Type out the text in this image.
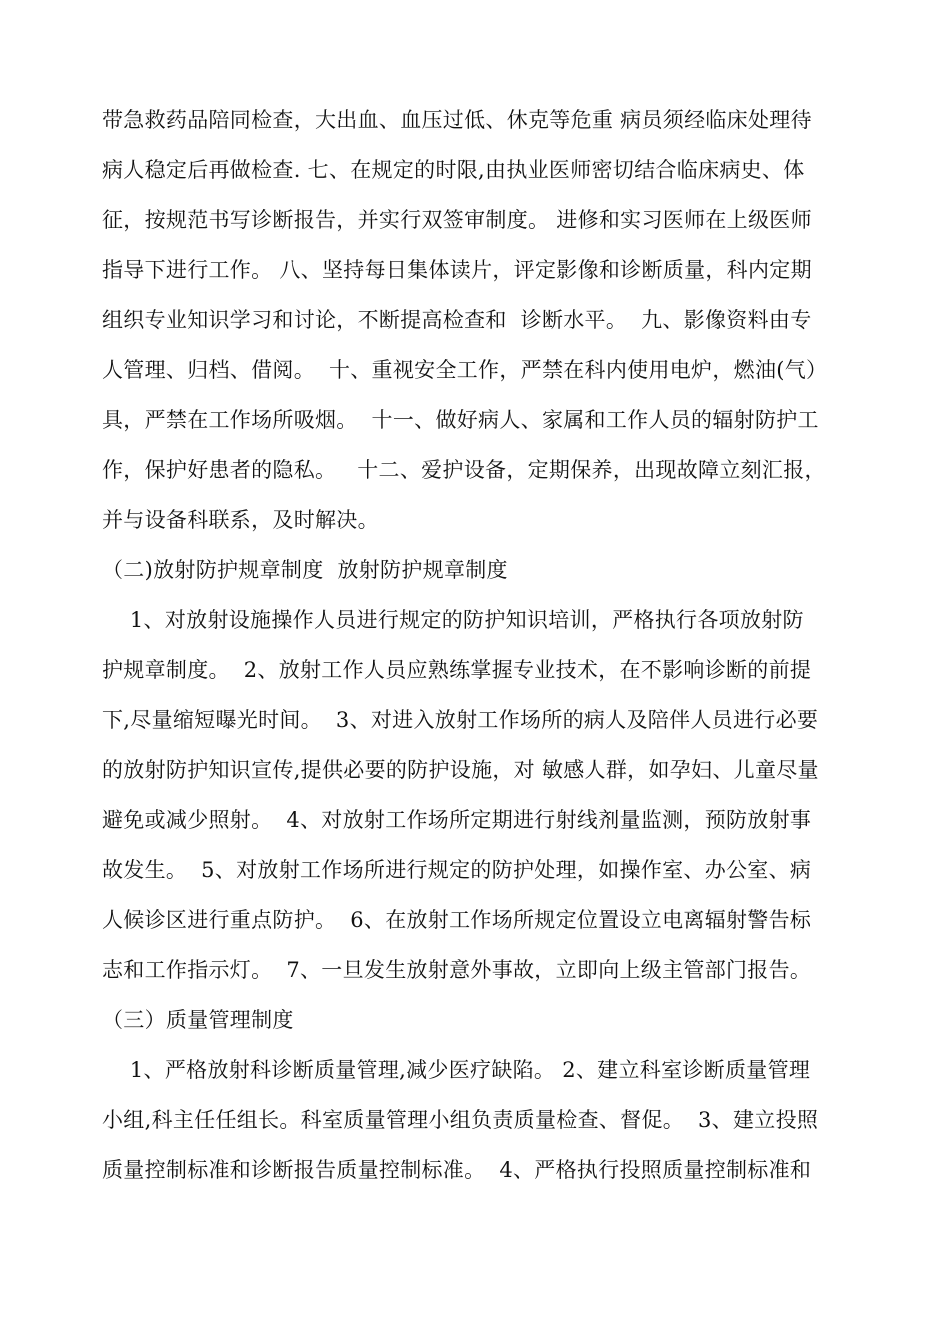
带急救药品陪同检查，大出血、血压过低、休克等危重 病员须经临床处理待
病人稳定后再做检查. 七、在规定的时限,由执业医师密切结合临床病史、体
征，按规范书写诊断报告，并实行双签审制度。 进修和实习医师在上级医师
指导下进行工作。 八、坚持每日集体读片，评定影像和诊断质量，科内定期
组织专业知识学习和讨论，不断提高检查和  诊断水平。  九、影像资料由专
人管理、归档、借阅。  十、重视安全工作，严禁在科内使用电炉，燃油(气）
具，严禁在工作场所吸烟。  十一、做好病人、家属和工作人员的辐射防护工
作，保护好患者的隐私。   十二、爱护设备，定期保养，出现故障立刻汇报，
并与设备科联系，及时解决。
（二)放射防护规章制度  放射防护规章制度
1、对放射设施操作人员进行规定的防护知识培训，严格执行各项放射防
护规章制度。  2、放射工作人员应熟练掌握专业技术，在不影响诊断的前提
下,尽量缩短曝光时间。  3、对进入放射工作场所的病人及陪伴人员进行必要
的放射防护知识宣传,提供必要的防护设施，对 敏感人群，如孕妇、儿童尽量
避免或减少照射。  4、对放射工作场所定期进行射线剂量监测，预防放射事
故发生。  5、对放射工作场所进行规定的防护处理，如操作室、办公室、病
人候诊区进行重点防护。  6、在放射工作场所规定位置设立电离辐射警告标
志和工作指示灯。  7、一旦发生放射意外事故，立即向上级主管部门报告。
（三）质量管理制度
1、严格放射科诊断质量管理,减少医疗缺陷。 2、建立科室诊断质量管理
小组,科主任任组长。科室质量管理小组负责质量检查、督促。  3、建立投照
质量控制标准和诊断报告质量控制标准。  4、严格执行投照质量控制标准和
